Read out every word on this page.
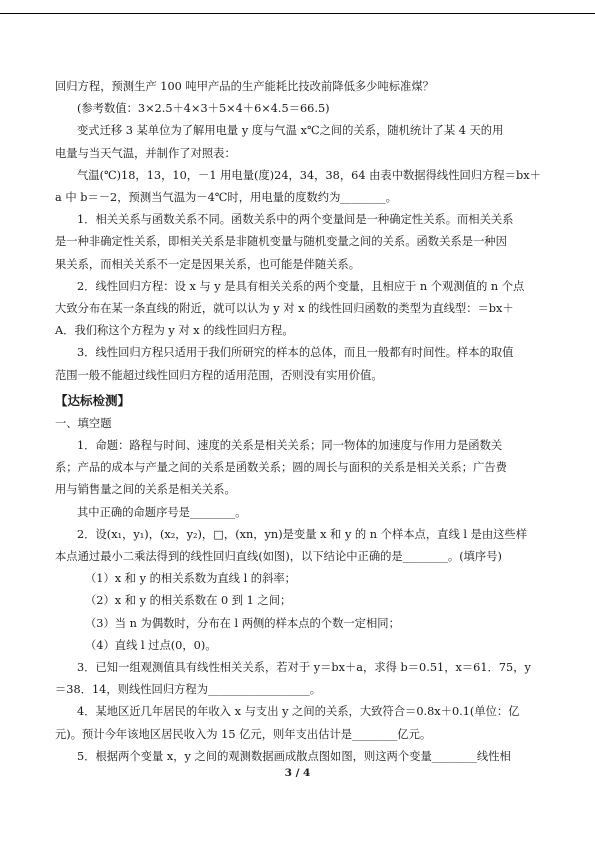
回归方程，预测生产 100 吨甲产品的生产能耗比技改前降低多少吨标准煤？
(参考数值：3×2.5＋4×3＋5×4＋6×4.5＝66.5)
变式迁移 3 某单位为了解用电量 y 度与气温 x℃之间的关系，随机统计了某 4 天的用
电量与当天气温，并制作了对照表：
气温(℃)18，13，10，－1 用电量(度)24，34，38，64 由表中数据得线性回归方程＝bx＋
a 中 b＝－2，预测当气温为－4℃时，用电量的度数约为________。
1．相关关系与函数关系不同。函数关系中的两个变量间是一种确定性关系。而相关关系
是一种非确定性关系，即相关关系是非随机变量与随机变量之间的关系。函数关系是一种因
果关系，而相关关系不一定是因果关系，也可能是伴随关系。
2．线性回归方程：设 x 与 y 是具有相关关系的两个变量，且相应于 n 个观测值的 n 个点
大致分布在某一条直线的附近，就可以认为 y 对 x 的线性回归函数的类型为直线型：＝bx＋
A．我们称这个方程为 y 对 x 的线性回归方程。
3．线性回归方程只适用于我们所研究的样本的总体，而且一般都有时间性。样本的取值
范围一般不能超过线性回归方程的适用范围，否则没有实用价值。
【达标检测】
一、填空题
1．命题：路程与时间、速度的关系是相关关系；同一物体的加速度与作用力是函数关
系；产品的成本与产量之间的关系是函数关系；圆的周长与面积的关系是相关关系；广告费
用与销售量之间的关系是相关关系。
其中正确的命题序号是________。
2．设(x₁，y₁)，(x₂，y₂)，□，(xn，yn)是变量 x 和 y 的 n 个样本点，直线 l 是由这些样
本点通过最小二乘法得到的线性回归直线(如图)，以下结论中正确的是________。(填序号)
（1）x 和 y 的相关系数为直线 l 的斜率；
（2）x 和 y 的相关系数在 0 到 1 之间；
（3）当 n 为偶数时，分布在 l 两侧的样本点的个数一定相同；
（4）直线 l 过点(0，0)。
3．已知一组观测值具有线性相关关系，若对于 y＝bx＋a，求得 b＝0.51，x＝61．75，y
＝38．14，则线性回归方程为__________________。
4．某地区近几年居民的年收入 x 与支出 y 之间的关系，大致符合＝0.8x＋0.1(单位：亿
元)。预计今年该地区居民收入为 15 亿元，则年支出估计是________亿元。
5．根据两个变量 x，y 之间的观测数据画成散点图如图，则这两个变量________线性相
3 / 4
